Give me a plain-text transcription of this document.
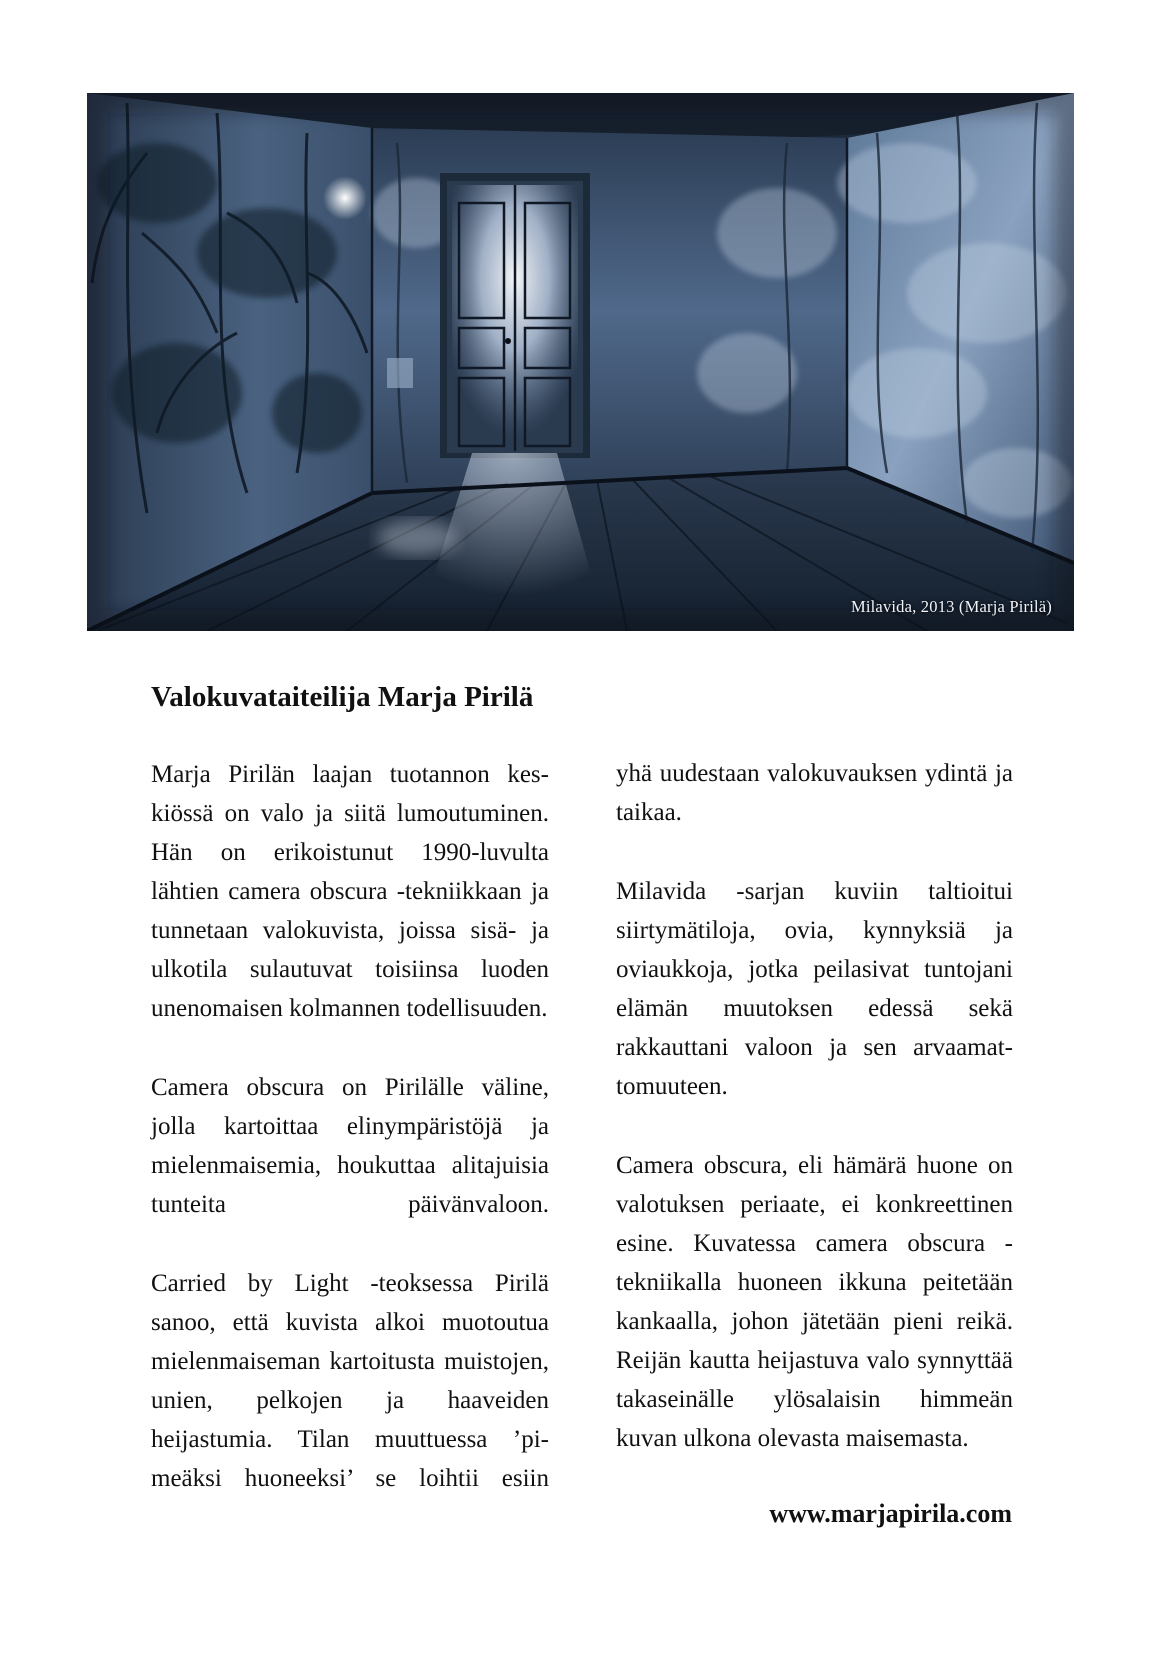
Milavida, 2013 (Marja Pirilä)
Valokuvataiteilija Marja Pirilä

Marja Pirilän laajan tuotannon keskiössä on valo ja siitä lumoutuminen. Hän on erikoistunut 1990-luvulta lähtien camera obscura -tekniikkaan ja tunnetaan valokuvista, joissa sisä- ja ulkotila sulautuvat toisiinsa luoden unenomaisen kolmannen todellisuuden.

Camera obscura on Pirilälle väline, jolla kartoittaa elinympäristöjä ja mielenmaisemia, houkuttaa alitajuisia tunteita päivänvaloon.

Carried by Light -teoksessa Pirilä sanoo, että kuvista alkoi muotoutua mielenmaiseman kartoitusta muistojen, unien, pelkojen ja haaveiden heijastumia. Tilan muuttuessa ’pimeäksi huoneeksi’ se loihtii esiin

yhä uudestaan valokuvauksen ydintä ja taikaa.

Milavida -sarjan kuviin taltioitui siirtymätiloja, ovia, kynnyksiä ja oviaukkoja, jotka peilasivat tuntojani elämän muutoksen edessä sekä rakkauttani valoon ja sen arvaamattomuuteen.

Camera obscura, eli hämärä huone on valotuksen periaate, ei konkreettinen esine. Kuvatessa camera obscura -tekniikalla huoneen ikkuna peitetään kankaalla, johon jätetään pieni reikä. Reijän kautta heijastuva valo synnyttää takaseinälle ylösalaisin himmeän kuvan ulkona olevasta maisemasta.

www.marjapirila.com
